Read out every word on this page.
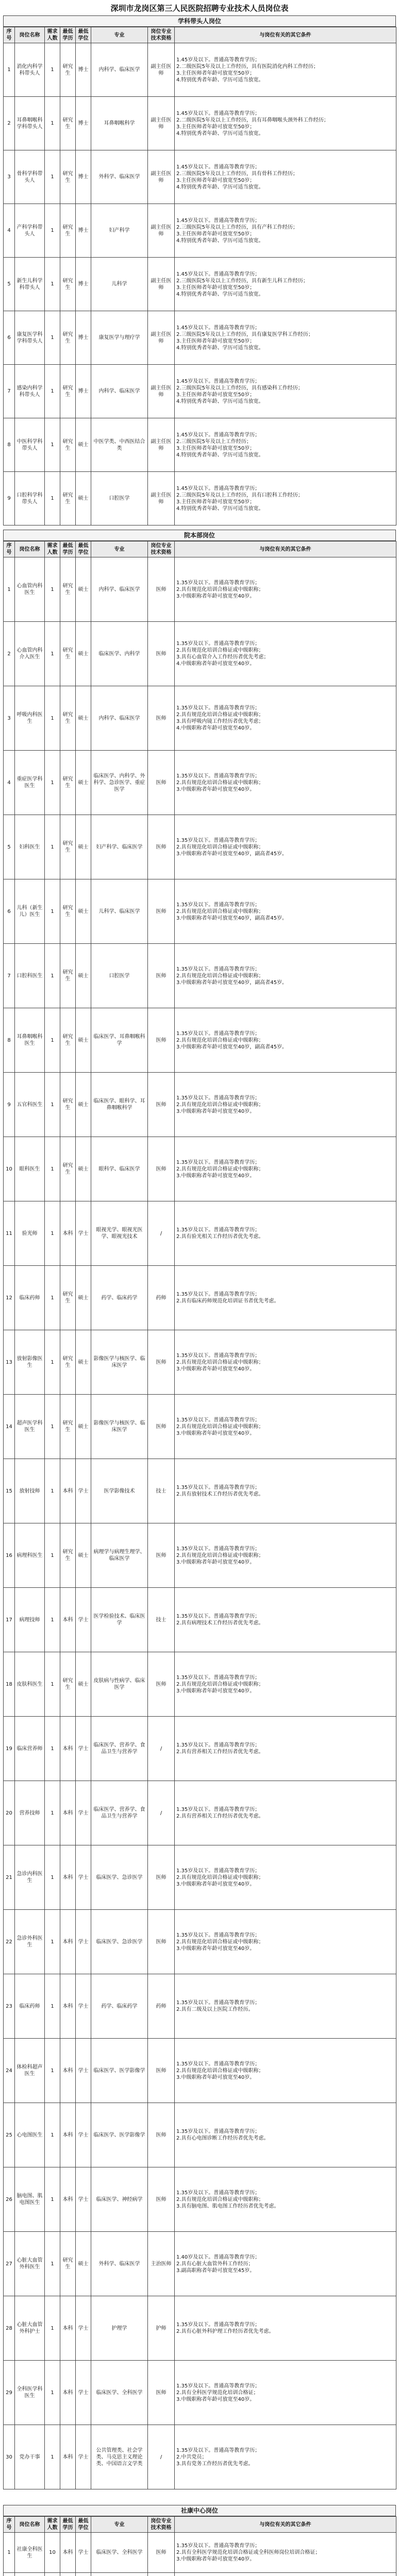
深圳市龙岗区第三人民医院招聘专业技术人员岗位表
学科带头人岗位
序号	岗位名称	需求人数	最低学历	最低学位	专业	岗位专业技术资格	与岗位有关的其它条件
1	消化内科学科带头人	1	研究生	博士	内科学、临床医学	副主任医师	1.45岁及以下。普通高等教育学历；
2.二级医院5年及以上工作经历，具有医院消化内科工作经历；
3.主任医师者年龄可放宽至50岁；
4.特别优秀者年龄、学历可适当放宽。
2	耳鼻咽喉科学科带头人	1	研究生	博士	耳鼻咽喉科学	副主任医师	1.45岁及以下。普通高等教育学历；
2.二级医院5年及以上工作经历，具有耳鼻咽喉头颈外科工作经历；
3.主任医师者年龄可放宽至50岁；
4.特别优秀者年龄、学历可适当放宽。
3	骨科学科带头人	1	研究生	博士	外科学、临床医学	副主任医师	1.45岁及以下。普通高等教育学历；
2.三级医院5年及以上工作经历，具有骨科工作经历；
3.主任医师者年龄可放宽至50岁；
4.特别优秀者年龄、学历可适当放宽。
4	产科学科带头人	1	研究生	博士	妇产科学	副主任医师	1.45岁及以下。普通高等教育学历；
2.三级医院5年及以上工作经历，具有产科工作经历；
3.主任医师者年龄可放宽至50岁；
4.特别优秀者年龄、学历可适当放宽。
5	新生儿科学科带头人	1	研究生	博士	儿科学	副主任医师	1.45岁及以下。普通高等教育学历；
2.三级医院5年及以上工作经历，具有新生儿科工作经历；
3.主任医师者年龄可放宽至50岁；
4.特别优秀者年龄、学历可适当放宽。
6	康复医学科学科带头人	1	研究生	博士	康复医学与理疗学	副主任医师	1.45岁及以下。普通高等教育学历；
2.三级医院5年及以上工作经历，具有康复医学科工作经历；
3.主任医师者年龄可放宽至50岁；
4.特别优秀者年龄、学历可适当放宽。
7	感染内科学科带头人	1	研究生	博士	内科学、临床医学	副主任医师	1.45岁及以下。普通高等教育学历；
2.三级医院5年及以上工作经历，具有感染科工作经历；
3.主任医师者年龄可放宽至50岁；
4.特别优秀者年龄、学历可适当放宽。
8	中医科学科带头人	1	研究生	硕士	中医学类、中西医结合类	副主任医师	1.45岁及以下。普通高等教育学历；
2.三级医院5年及以上工作经历；
3.主任医师者年龄可放宽至50岁；
4.特别优秀者年龄、学历可适当放宽。
9	口腔科学科带头人	1	研究生	硕士	口腔医学	副主任医师	1.45岁及以下。普通高等教育学历；
2.三级医院5年及以上工作经历，具有口腔科工作经历；
3.主任医师者年龄可放宽至50岁；
4.特别优秀者年龄、学历可适当放宽。
院本部岗位
序号	岗位名称	需求人数	最低学历	最低学位	专业	岗位专业技术资格	与岗位有关的其它条件
1	心血管内科医生	1	研究生	硕士	内科学、临床医学	医师	1.35岁及以下。普通高等教育学历；
2.具有规范化培训合格证或中级职称；
3.中级职称者年龄可放宽至40岁。
2	心血管内科介入医生	1	研究生	硕士	临床医学、内科学	医师	1.35岁及以下。普通高等教育学历；
2.具有规范化培训合格证或中级职称；
3.具有心血管介入工作经历者优先考虑；
4.中级职称者年龄可放宽至40岁。
3	呼吸内科医生	1	研究生	硕士	内科学、临床医学	医师	1.35岁及以下。普通高等教育学历；
2.具有规范化培训合格证或中级职称；
3.具有呼吸内镜工作经历者优先考虑；
4.中级职称者年龄可放宽至40岁。
4	重症医学科医生	1	研究生	硕士	临床医学、内科学、外科学、急诊医学、重症医学	医师	1.35岁及以下。普通高等教育学历；
2.具有规范化培训合格证或中级职称；
3.中级职称者年龄可放宽至40岁。
5	妇科医生	1	研究生	硕士	妇产科学、临床医学	医师	1.35岁及以下。普通高等教育学历；
2.具有规范化培训合格证或中级职称；
3.中级职称者年龄可放宽至40岁，副高者45岁。
6	儿科（新生儿）医生	1	研究生	硕士	儿科学、临床医学	医师	1.35岁及以下。普通高等教育学历；
2.具有规范化培训合格证或中级职称；
3.中级职称者年龄可放宽至40岁，副高者45岁。
7	口腔科医生	1	研究生	硕士	口腔医学	医师	1.35岁及以下。普通高等教育学历；
2.具有规范化培训合格证或中级职称；
3.中级职称者年龄可放宽至40岁，副高者45岁。
8	耳鼻咽喉科医生	1	研究生	硕士	临床医学、耳鼻咽喉科学	医师	1.35岁及以下。普通高等教育学历；
2.具有规范化培训合格证或中级职称；
3.中级职称者年龄可放宽至40岁，副高者45岁。
9	五官科医生	1	研究生	硕士	临床医学、眼科学、耳鼻咽喉科学	医师	1.35岁及以下。普通高等教育学历；
2.具有规范化培训合格证或中级职称；
3.中级职称者年龄可放宽至40岁。
10	眼科医生	1	研究生	硕士	眼科学、临床医学	医师	1.35岁及以下。普通高等教育学历；
2.具有规范化培训合格证或中级职称；
3.中级职称者年龄可放宽至40岁。
11	验光师	1	本科	学士	眼视光学、眼视光医学、眼视光技术	/	1.35岁及以下。普通高等教育学历；
2.具有验光相关工作经历者优先考虑。
12	临床药师	1	研究生	硕士	药学、临床药学	药师	1.35岁及以下。普通高等教育学历；
2.具有临床药师规范化培训证书者优先考虑。
13	放射影像医生	1	研究生	硕士	影像医学与核医学、临床医学	医师	1.35岁及以下。普通高等教育学历；
2.具有规范化培训合格证或中级职称；
3.中级职称者年龄可放宽至40岁。
14	超声医学科医生	1	研究生	硕士	影像医学与核医学、临床医学	医师	1.35岁及以下。普通高等教育学历；
2.具有规范化培训合格证或中级职称；
3.中级职称者年龄可放宽至40岁。
15	放射技师	1	本科	学士	医学影像技术	技士	1.35岁及以下。普通高等教育学历；
2.具有放射技术工作经历者优先考虑。
16	病理科医生	1	研究生	硕士	病理学与病理生理学、临床医学	医师	1.35岁及以下。普通高等教育学历；
2.具有规范化培训合格证或中级职称；
3.中级职称者年龄可放宽至40岁。
17	病理技师	1	本科	学士	医学检验技术、临床医学	技士	1.35岁及以下。普通高等教育学历；
2.具有病理技术工作经历者优先考虑。
18	皮肤科医生	1	研究生	硕士	皮肤病与性病学、临床医学	医师	1.35岁及以下。普通高等教育学历；
2.具有规范化培训合格证或中级职称；
3.中级职称者年龄可放宽至40岁。
19	临床营养师	1	本科	学士	临床医学、营养学、食品卫生与营养学	/	1.35岁及以下。普通高等教育学历；
2.具有营养相关工作经历者优先考虑。
20	营养技师	1	本科	学士	临床医学、营养学、食品卫生与营养学	/	1.35岁及以下。普通高等教育学历；
2.具有营养相关工作经历者优先考虑。
21	急诊内科医生	1	本科	学士	临床医学、急诊医学	医师	1.35岁及以下。普通高等教育学历；
2.具有规范化培训合格证或中级职称；
3.中级职称者年龄可放宽至40岁。
22	急诊外科医生	1	本科	学士	临床医学、急诊医学	医师	1.35岁及以下。普通高等教育学历；
2.具有规范化培训合格证或中级职称；
3.中级职称者年龄可放宽至40岁。
23	临床药师	1	本科	学士	药学、临床药学	药师	1.35岁及以下。普通高等教育学历；
2.具有二级及以上医院工作经历。
24	体检科超声医生	1	本科	学士	临床医学、医学影像学	医师	1.35岁及以下。普通高等教育学历；
2.具有规范化培训合格证或中级职称；
3.中级职称者年龄可放宽至40岁。
25	心电图医生	1	本科	学士	临床医学、医学影像学	医师	1.35岁及以下。普通高等教育学历；
2.具有心电图诊断工作经历者优先考虑。
26	脑电图、肌电图医生	1	本科	学士	临床医学、神经病学	医师	1.35岁及以下。普通高等教育学历；
2.具有规范化培训合格证或中级职称；
3.具有脑电图、肌电图工作经历者优先考虑。
27	心脏大血管外科医生	1	研究生	硕士	外科学、临床医学	主治医师	1.40岁及以下。普通高等教育学历；
2.具有心脏大血管外科工作经历；
3.副高职称者年龄可放宽至45岁。
28	心脏大血管外科护士	1	本科	学士	护理学	护师	1.35岁及以下。普通高等教育学历；
2.具有心脏外科护理工作经历者优先考虑。
29	全科医学科医生	1	本科	学士	临床医学、全科医学	医师	1.35岁及以下。普通高等教育学历；
2.具有全科医学规范化培训合格证；
3.中级职称者年龄可放宽至40岁。
30	党办干事	1	本科	学士	公共管理类、社会学类、马克思主义理论类、中国语言文学类	/	1.35岁及以下。普通高等教育学历；
2.中共党员；
3.具有党务工作经历者优先考虑。
社康中心岗位
序号	岗位名称	需求人数	最低学历	最低学位	专业	岗位专业技术资格	与岗位有关的其它条件
1	社康全科医生	10	本科	学士	临床医学、全科医学	医师	1.35岁及以下。普通高等教育学历；
2.具有全科医学规范化培训合格证或全科医师岗位培训合格证；
3.中级职称者年龄可放宽至40岁。
